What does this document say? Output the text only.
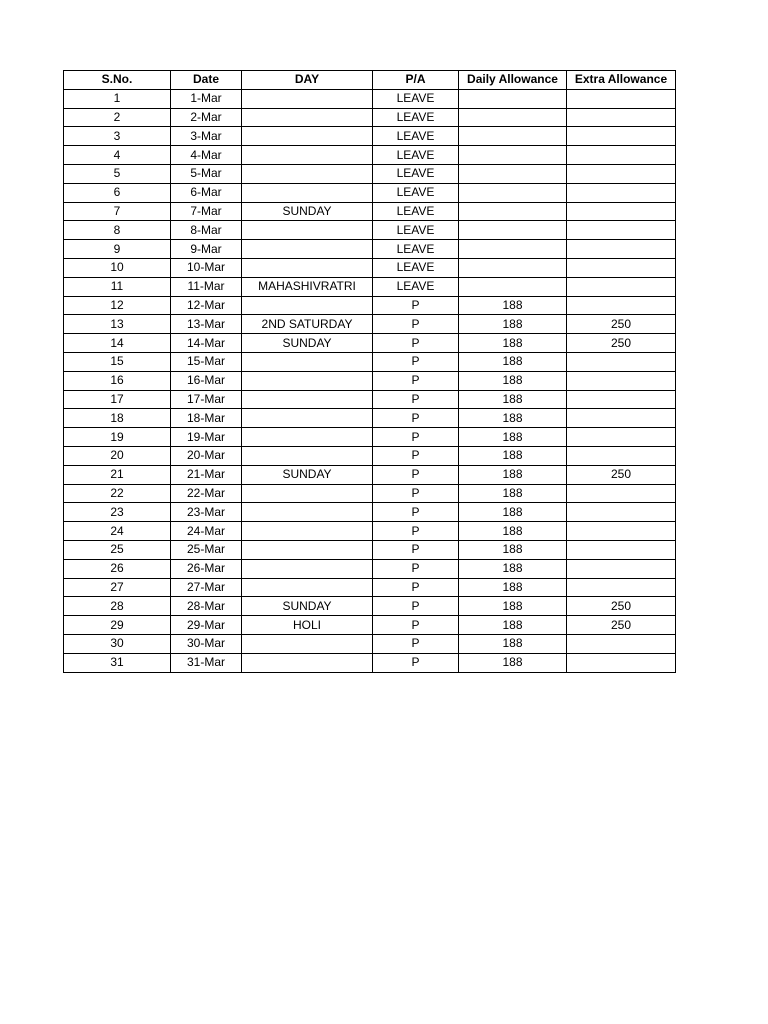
S.No.	Date	DAY	P/A	Daily Allowance	Extra Allowance
1	1-Mar		LEAVE		
2	2-Mar		LEAVE		
3	3-Mar		LEAVE		
4	4-Mar		LEAVE		
5	5-Mar		LEAVE		
6	6-Mar		LEAVE		
7	7-Mar	SUNDAY	LEAVE		
8	8-Mar		LEAVE		
9	9-Mar		LEAVE		
10	10-Mar		LEAVE		
11	11-Mar	MAHASHIVRATRI	LEAVE		
12	12-Mar		P	188	
13	13-Mar	2ND SATURDAY	P	188	250
14	14-Mar	SUNDAY	P	188	250
15	15-Mar		P	188	
16	16-Mar		P	188	
17	17-Mar		P	188	
18	18-Mar		P	188	
19	19-Mar		P	188	
20	20-Mar		P	188	
21	21-Mar	SUNDAY	P	188	250
22	22-Mar		P	188	
23	23-Mar		P	188	
24	24-Mar		P	188	
25	25-Mar		P	188	
26	26-Mar		P	188	
27	27-Mar		P	188	
28	28-Mar	SUNDAY	P	188	250
29	29-Mar	HOLI	P	188	250
30	30-Mar		P	188	
31	31-Mar		P	188	
